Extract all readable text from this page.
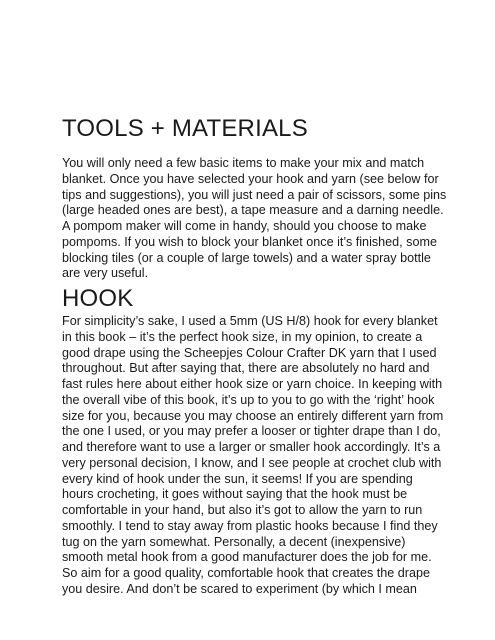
TOOLS + MATERIALS
You will only need a few basic items to make your mix and match
blanket. Once you have selected your hook and yarn (see below for
tips and suggestions), you will just need a pair of scissors, some pins
(large headed ones are best), a tape measure and a darning needle.
A pompom maker will come in handy, should you choose to make
pompoms. If you wish to block your blanket once it’s finished, some
blocking tiles (or a couple of large towels) and a water spray bottle
are very useful.
HOOK
For simplicity’s sake, I used a 5mm (US H/8) hook for every blanket
in this book – it’s the perfect hook size, in my opinion, to create a
good drape using the Scheepjes Colour Crafter DK yarn that I used
throughout. But after saying that, there are absolutely no hard and
fast rules here about either hook size or yarn choice. In keeping with
the overall vibe of this book, it’s up to you to go with the ‘right’ hook
size for you, because you may choose an entirely different yarn from
the one I used, or you may prefer a looser or tighter drape than I do,
and therefore want to use a larger or smaller hook accordingly. It’s a
very personal decision, I know, and I see people at crochet club with
every kind of hook under the sun, it seems! If you are spending
hours crocheting, it goes without saying that the hook must be
comfortable in your hand, but also it’s got to allow the yarn to run
smoothly. I tend to stay away from plastic hooks because I find they
tug on the yarn somewhat. Personally, a decent (inexpensive)
smooth metal hook from a good manufacturer does the job for me.
So aim for a good quality, comfortable hook that creates the drape
you desire. And don’t be scared to experiment (by which I mean
